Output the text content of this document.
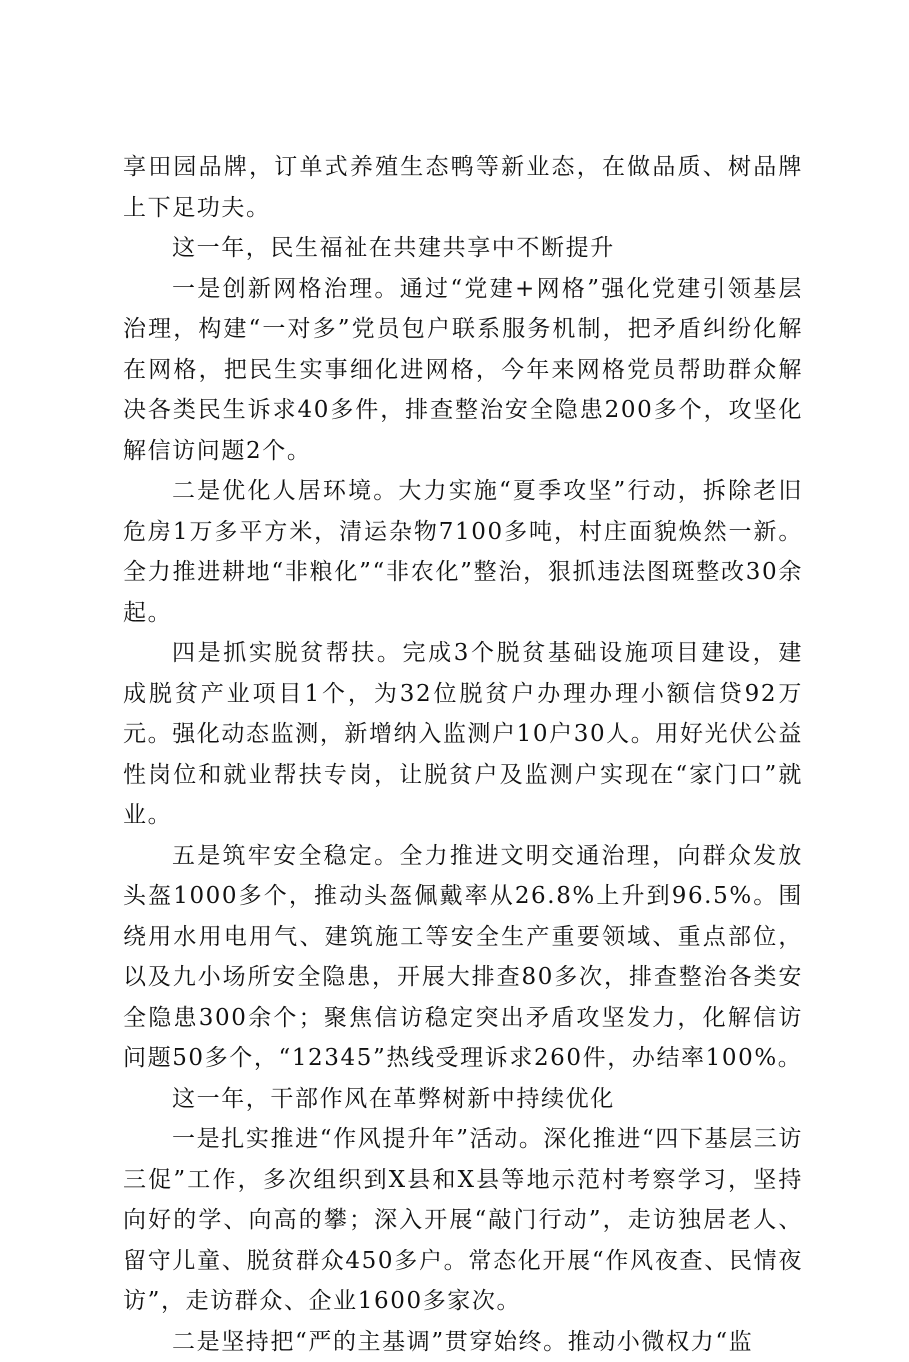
享田园品牌，订单式养殖生态鸭等新业态，在做品质、树品牌上下足功夫。

这一年，民生福祉在共建共享中不断提升

一是创新网格治理。通过“党建+网格”强化党建引领基层治理，构建“一对多”党员包户联系服务机制，把矛盾纠纷化解在网格，把民生实事细化进网格，今年来网格党员帮助群众解决各类民生诉求40多件，排查整治安全隐患200多个，攻坚化解信访问题2个。

二是优化人居环境。大力实施“夏季攻坚”行动，拆除老旧危房1万多平方米，清运杂物7100多吨，村庄面貌焕然一新。全力推进耕地“非粮化”“非农化”整治，狠抓违法图斑整改30余起。

四是抓实脱贫帮扶。完成3个脱贫基础设施项目建设，建成脱贫产业项目1个，为32位脱贫户办理办理小额信贷92万元。强化动态监测，新增纳入监测户10户30人。用好光伏公益性岗位和就业帮扶专岗，让脱贫户及监测户实现在“家门口”就业。

五是筑牢安全稳定。全力推进文明交通治理，向群众发放头盔1000多个，推动头盔佩戴率从26.8%上升到96.5%。围绕用水用电用气、建筑施工等安全生产重要领域、重点部位，以及九小场所安全隐患，开展大排查80多次，排查整治各类安全隐患300余个；聚焦信访稳定突出矛盾攻坚发力，化解信访问题50多个，“12345”热线受理诉求260件，办结率100%。

这一年，干部作风在革弊树新中持续优化

一是扎实推进“作风提升年”活动。深化推进“四下基层三访三促”工作，多次组织到X县和X县等地示范村考察学习，坚持向好的学、向高的攀；深入开展“敲门行动”，走访独居老人、留守儿童、脱贫群众450多户。常态化开展“作风夜查、民情夜访”，走访群众、企业1600多家次。

二是坚持把“严的主基调”贯穿始终。推动小微权力“监
